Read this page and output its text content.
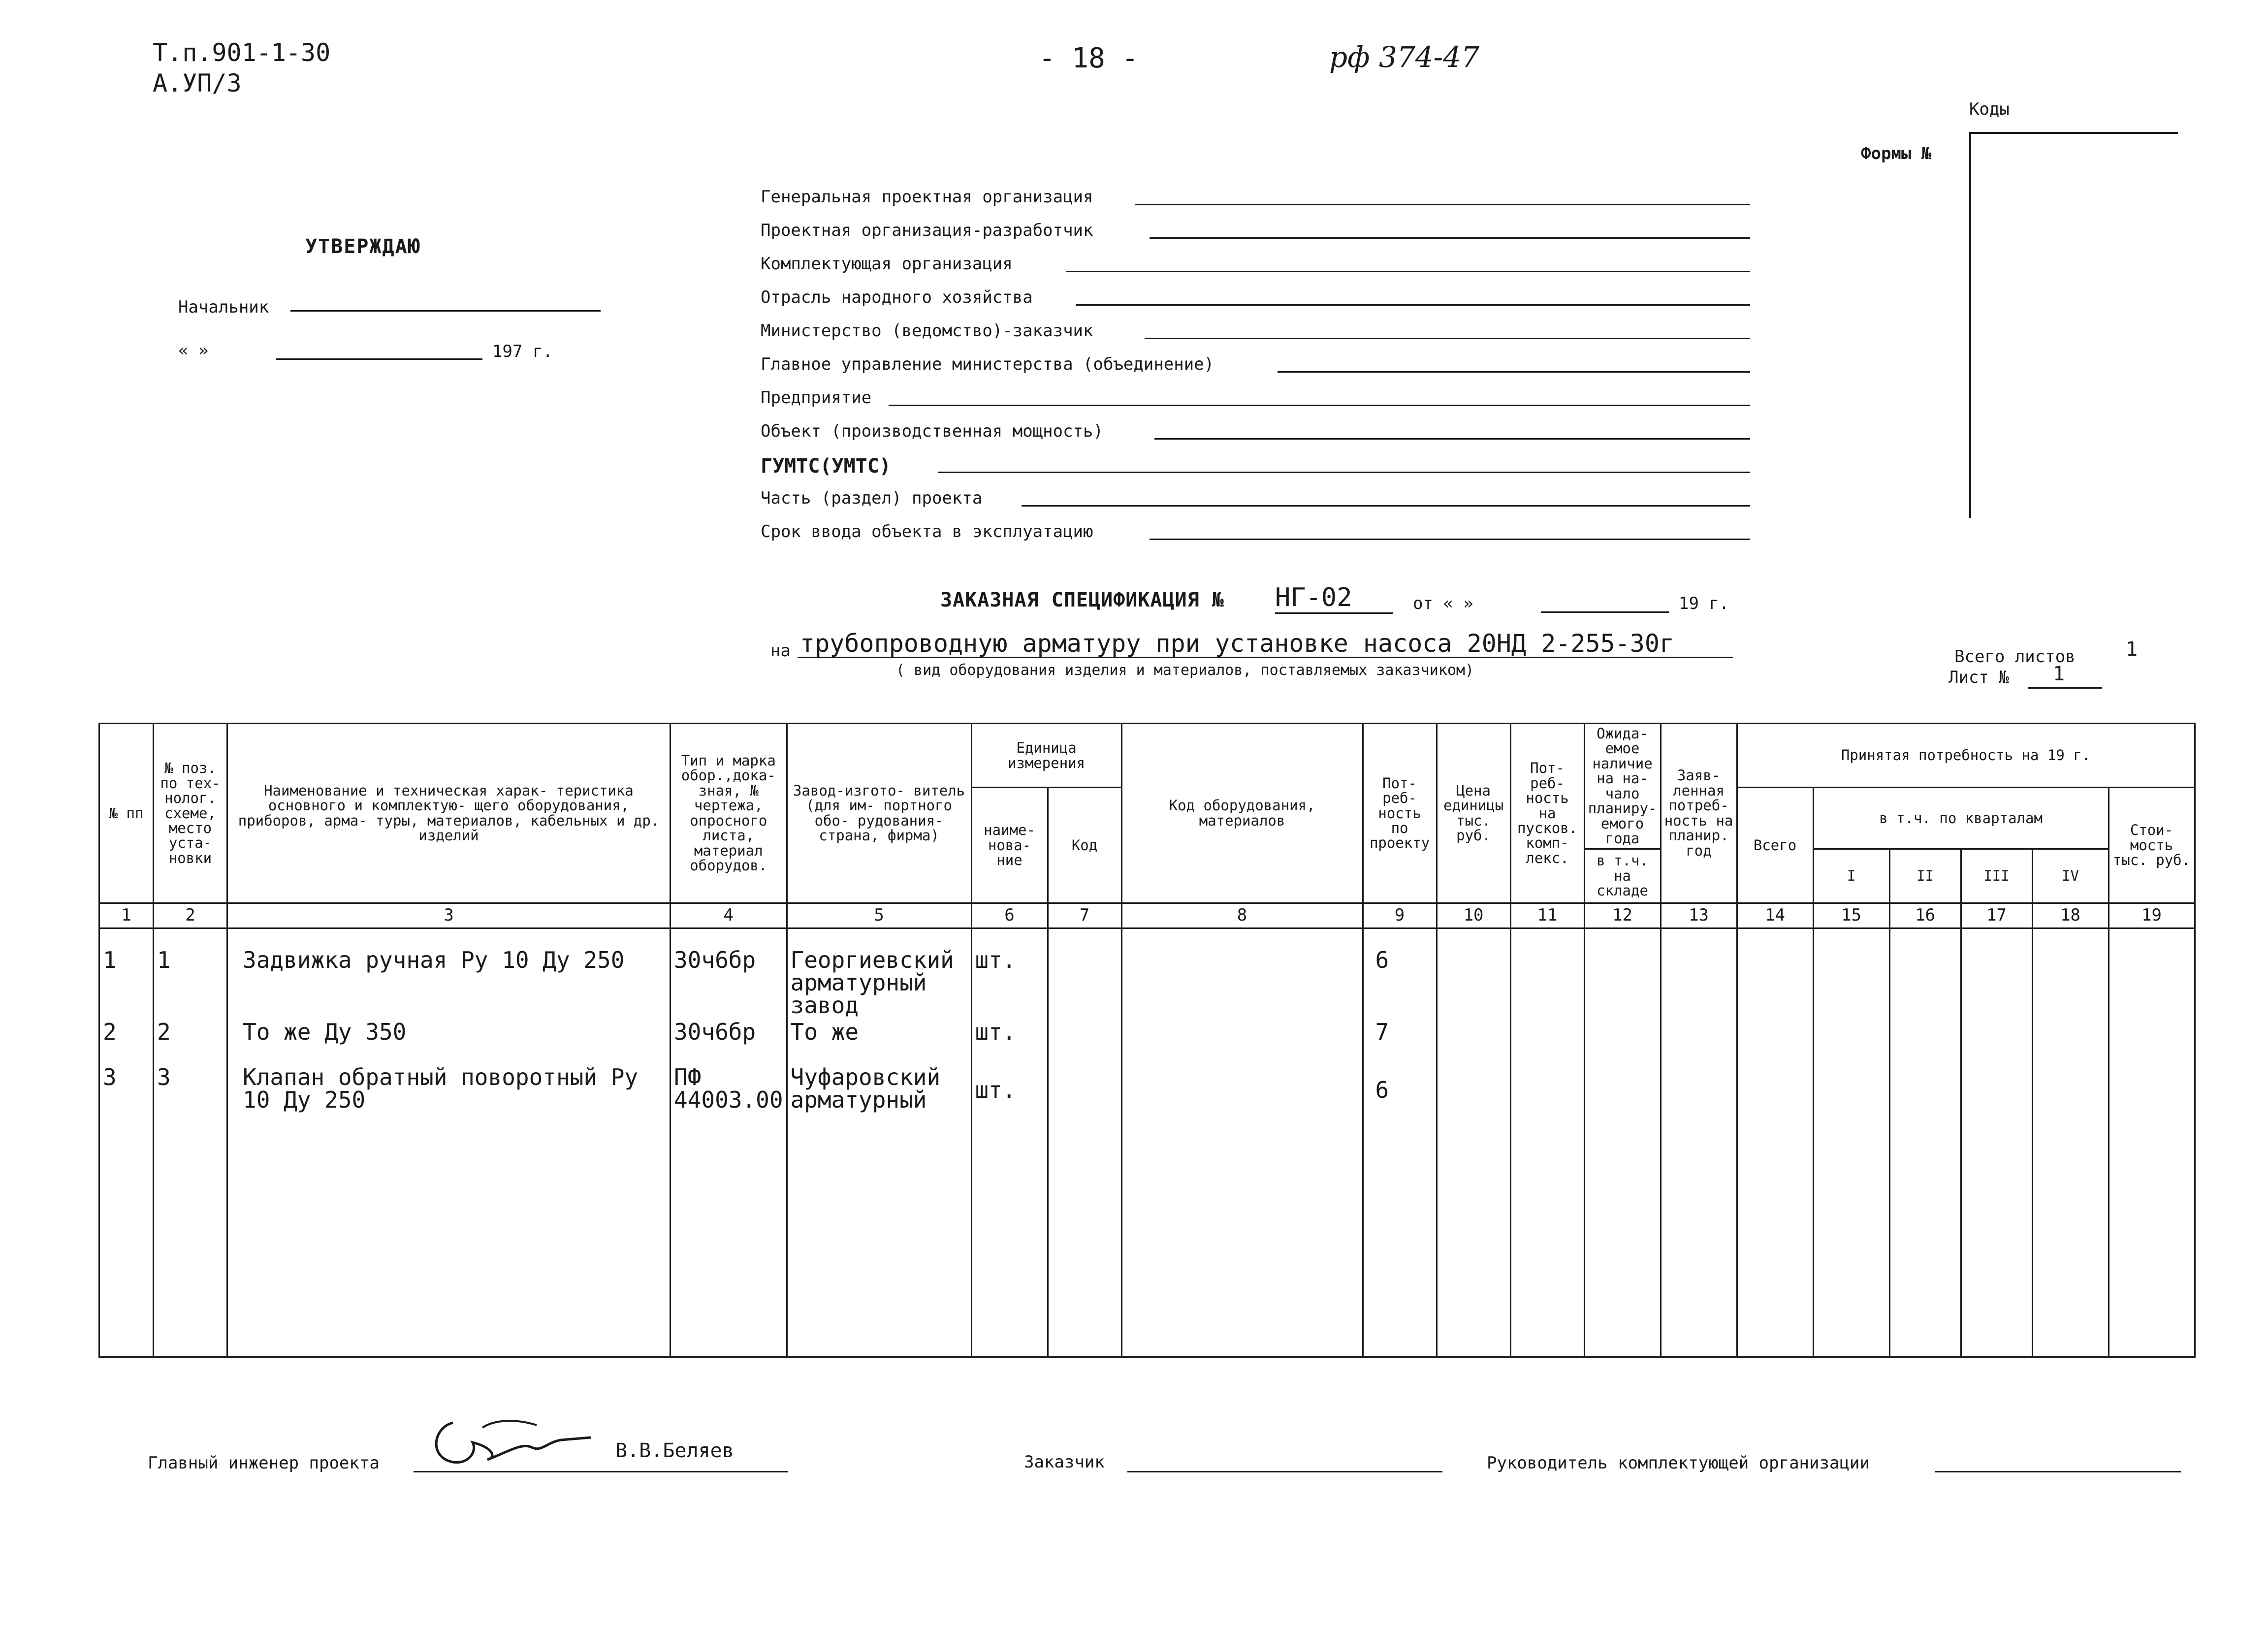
Т.п.901-1-30
А.УП/3
- 18 -	рф 374-47
Коды
Формы №
УТВЕРЖДАЮ
Начальник
« »	197 г.
Генеральная проектная организация
Проектная организация-разработчик
Комплектующая организация
Отрасль народного хозяйства
Министерство (ведомство)-заказчик
Главное управление министерства (объединение)
Предприятие
Объект (производственная мощность)
ГУМТС(УМТС)
Часть (раздел) проекта
Срок ввода объекта в эксплуатацию
ЗАКАЗНАЯ СПЕЦИФИКАЦИЯ № НГ-02	от « »	19 г.
на трубопроводную арматуру при установке насоса 20НД 2-255-30г
( вид оборудования изделия и материалов, поставляемых заказчиком)
Всего листов	1
Лист № 1
№ пп	№ поз. по тех- нолог. схеме, место уста- новки	Наименование и техническая харак- теристика основного и комплектую- щего оборудования, приборов, арма- туры, материалов, кабельных и др. изделий	Тип и марка обор.,дока- зная, № чертежа, опросного листа, материал оборудов.	Завод-изгото- витель (для им- портного обо- рудования- страна, фирма)	Единица измерения		Код оборудования, материалов	Пот- реб- ность по проекту	Цена единицы тыс. руб.	Пот- реб- ность на пусков. комп- лекс.	Ожида- емое наличие на на- чало планиру- емого года	Заяв- ленная потреб- ность на планир. год	Принятая потребность на 19 г.					
					наиме- нова- ние	Код							Всего	в т.ч. по кварталам				Стои- мость тыс. руб.
											в т.ч. на складе			I	II	III	IV	
1	2	3	4	5	6	7	8	9	10	11	12	13	14	15	16	17	18	19
1	1	Задвижка ручная Ру 10 Ду 250	30ч6бр	Георгиевский арматурный завод	шт.			6										
2	2	То же Ду 350	30ч6бр	То же	шт.			7										
3	3	Клапан обратный поворотный Ру 10 Ду 250	ПФ 44003.00	Чуфаровский арматурный	шт.			6										
Главный инженер проекта
В.В.Беляев	Заказчик	Руководитель комплектующей организации
